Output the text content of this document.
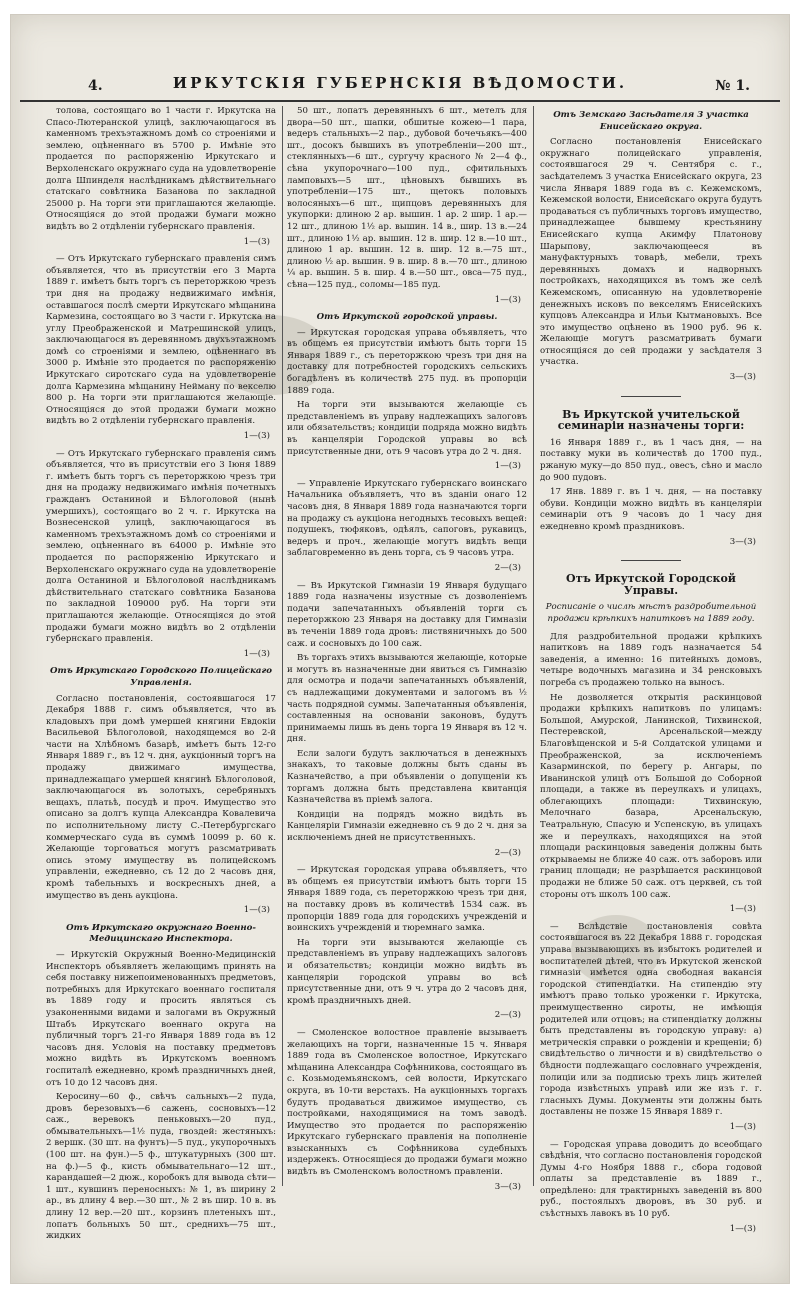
4.	ИРКУТСКІЯ ГУБЕРНСКІЯ ВѢДОМОСТИ.	№ 1.

толова, состоящаго во 1 части г. Иркутска на Спасо-Лютеранской улицѣ, заключающагося въ каменномъ трехъэтажномъ домѣ со строеніями и землею, оцѣненнаго въ 5700 р. Имѣніе это продается по распоряженію Иркутскаго и Верхоленскаго окружнаго суда на удовлетвореніе долга Шпинделя наслѣдникамъ дѣйствительнаго статскаго совѣтника Базанова по закладной 25000 р. На торги эти приглашаются желающіе. Относящіяся до этой продажи бумаги можно видѣть во 2 отдѣленіи губернскаго правленія.

1—(3)

— Отъ Иркутскаго губернскаго правленія симъ объявляется, что въ присутствіи его 3 Марта 1889 г. имѣетъ быть торгъ съ переторжкою чрезъ три дня на продажу недвижимаго имѣнія, оставшагося послѣ смерти Иркутскаго мѣщанина Кармезина, состоящаго во 3 части г. Иркутска на углу Преображенской и Матрешинской улицъ, заключающагося въ деревянномъ двухъэтажномъ домѣ со строеніями и землею, оцѣненнаго въ 3000 р. Имѣніе это продается по распоряженію Иркутскаго сиротскаго суда на удовлетвореніе долга Кармезина мѣщанину Нейману по векселю 800 р. На торги эти приглашаются желающіе. Относящіяся до этой продажи бумаги можно видѣть во 2 отдѣленіи губернскаго правленія.

1—(3)

— Отъ Иркутскаго губернскаго правленія симъ объявляется, что въ присутствіи его 3 Іюня 1889 г. имѣетъ быть торгъ съ переторжкою чрезъ три дня на продажу недвижимаго имѣнія почетныхъ гражданъ Останиной и Бѣлоголовой (нынѣ умершихъ), состоящаго во 2 ч. г. Иркутска на Вознесенской улицѣ, заключающагося въ каменномъ трехъэтажномъ домѣ со строеніями и землею, оцѣненнаго въ 64000 р. Имѣніе это продается по распоряженію Иркутскаго и Верхоленскаго окружнаго суда на удовлетвореніе долга Останиной и Бѣлоголовой наслѣдникамъ дѣйствительнаго статскаго совѣтника Базанова по закладной 109000 руб. На торги эти приглашаются желающіе. Относящіяся до этой продажи бумаги можно видѣть во 2 отдѣленіи губернскаго правленія.

1—(3)

Отъ Иркутскаго Городского Полицейскаго Управленія.

Согласно постановленія, состоявшагося 17 Декабря 1888 г. симъ объявляется, что въ кладовыхъ при домѣ умершей княгини Евдокіи Васильевой Бѣлоголовой, находящемся во 2-й части на Хлѣбномъ базарѣ, имѣетъ быть 12-го Января 1889 г., въ 12 ч. дня, аукціонный торгъ на продажу движимаго имущества, принадлежащаго умершей княгинѣ Бѣлоголовой, заключающагося въ золотыхъ, серебряныхъ вещахъ, платьѣ, посудѣ и проч. Имущество это описано за долгъ купца Александра Ковалевича по исполнительному листу С.-Петербургскаго коммерческаго суда въ суммѣ 10099 р. 60 к. Желающіе торговаться могутъ разсматривать опись этому имуществу въ полицейскомъ управленіи, ежедневно, съ 12 до 2 часовъ дня, кромѣ табельныхъ и воскресныхъ дней, а имущество въ день аукціона.

1—(3)

Отъ Иркутскаго окружнаго Военно-Медицинскаго Инспектора.

— Иркутскій Окружный Военно-Медицинскій Инспекторъ объявляетъ желающимъ принять на себя поставку нижепоименованныхъ предметовъ, потребныхъ для Иркутскаго военнаго госпиталя въ 1889 году и просить являться съ узаконенными видами и залогами въ Окружный Штабъ Иркутскаго военнаго округа на публичный торгъ 21-го Января 1889 года въ 12 часовъ дня. Условія на поставку предметовъ можно видѣть въ Иркутскомъ военномъ госпиталѣ ежедневно, кромѣ праздничныхъ дней, отъ 10 до 12 часовъ дня.

Керосину—60 ф., свѣчъ сальныхъ—2 пуда, дровъ березовыхъ—6 сажень, сосновыхъ—12 саж., веревокъ пеньковыхъ—20 пуд., обмывательныхъ—1½ пуда, гвоздей: жестяныхъ: 2 вершк. (30 шт. на фунтъ)—5 пуд., укупорочныхъ (100 шт. на фун.)—5 ф., штукатурныхъ (300 шт. на ф.)—5 ф., кисть обмывательнаго—12 шт., карандашей—2 дюж., коробокъ для вывода сѣти—1 шт., кувшинъ переносныхъ: № 1, въ ширину 2 ар., въ длину 4 вер.—30 шт., № 2 въ шир. 10 в. въ длину 12 вер.—20 шт., корзинъ плетеныхъ шт., лопатъ больныхъ 50 шт., среднихъ—75 шт., жидких

50 шт., лопатъ деревянныхъ 6 шт., метелъ для двора—50 шт., шапки, обшитые кожею—1 пара, ведеръ стальныхъ—2 пар., дубовой бочечьякъ—400 шт., досокъ бывшихъ въ употребленіи—200 шт., стеклянныхъ—6 шт., сургучу красного № 2—4 ф., сѣна укупорочнаго—100 пуд., сфитильныхъ ламповыхъ—5 шт., цѣновыхъ бывшихъ въ употребленіи—175 шт., щетокъ половыхъ волосяныхъ—6 шт., щипцовъ деревянныхъ для укупорки: длиною 2 ар. вышин. 1 ар. 2 шир. 1 ар.—12 шт., длиною 1½ ар. вышин. 14 в., шир. 13 в.—24 шт., длиною 1½ ар. вышин. 12 в. шир. 12 в.—10 шт., длиною 1 ар. вышин. 12 в. шир. 12 в.—75 шт., длиною ½ ар. вышин. 9 в. шир. 8 в.—70 шт., длиною ¼ ар. вышин. 5 в. шир. 4 в.—50 шт., овса—75 пуд., сѣна—125 пуд., соломы—185 пуд.

1—(3)

Отъ Иркутской городской управы.

— Иркутская городская управа объявляетъ, что въ общемъ ея присутствіи имѣютъ быть торги 15 Января 1889 г., съ переторжкою чрезъ три дня на доставку для потребностей городскихъ сельскихъ богадѣленъ въ количествѣ 275 пуд. въ пропорціи 1889 года.

На торги эти вызываются желающіе съ представленіемъ въ управу надлежащихъ залоговъ или обязательствъ; кондиціи подряда можно видѣть въ канцеляріи Городской управы во всѣ присутственные дни, отъ 9 часовъ утра до 2 ч. дня.

1—(3)

— Управленіе Иркутскаго губернскаго воинскаго Начальника объявляетъ, что въ зданіи онаго 12 часовъ дня, 8 Января 1889 года назначаются торги на продажу съ аукціона негодныхъ тесовыхъ вещей: подушекъ, тюфяковъ, одѣялъ, сапоговъ, рукавицъ, ведеръ и проч., желающіе могутъ видѣть вещи заблаговременно въ день торга, съ 9 часовъ утра.

2—(3)

— Въ Иркутской Гимназіи 19 Января будущаго 1889 года назначены изустные съ дозволеніемъ подачи запечатанныхъ объявленій торги съ переторжкою 23 Января на доставку для Гимназіи въ теченіи 1889 года дровъ: листвяничныхъ до 500 саж. и сосновыхъ до 100 саж.

Въ торгахъ этихъ вызываются желающіе, которые и могутъ въ назначенные дни явиться съ Гимназію для осмотра и подачи запечатанныхъ объявленій, съ надлежащими документами и залогомъ въ ½ часть подрядной суммы. Запечатанныя объявленія, составленныя на основаніи законовъ, будутъ принимаемы лишь въ день торга 19 Января въ 12 ч. дня.

Если залоги будутъ заключаться в денежныхъ знакахъ, то таковые должны быть сданы въ Казначейство, а при объявленіи о допущеніи къ торгамъ должна быть представлена квитанція Казначейства въ пріемѣ залога.

Кондиціи на подрядъ можно видѣть въ Канцеляріи Гимназіи ежедневно съ 9 до 2 ч. дня за исключеніемъ дней не присутственныхъ.

2—(3)

— Иркутская городская управа объявляетъ, что въ общемъ ея присутствіи имѣютъ быть торги 15 Января 1889 года, съ переторжкою чрезъ три дня, на поставку дровъ въ количествѣ 1534 саж. въ пропорціи 1889 года для городскихъ учрежденій и воинскихъ учрежденій и тюремнаго замка.

На торги эти вызываются желающіе съ представленіемъ въ управу надлежащихъ залоговъ и обязательствъ; кондиціи можно видѣть въ канцеляріи городской управы во всѣ присутственные дни, отъ 9 ч. утра до 2 часовъ дня, кромѣ праздничныхъ дней.

2—(3)

— Смоленское волостное правленіе вызываетъ желающихъ на торги, назначенные 15 ч. Января 1889 года въ Смоленское волостное, Иркутскаго мѣщанина Александра Софѣнникова, состоящаго въ с. Козьмодемьянскомъ, сей волости, Иркутскаго округа, въ 10-ти верстахъ. На аукціонныхъ торгахъ будутъ продаваться движимое имущество, съ постройками, находящимися на томъ заводѣ. Имущество это продается по распоряженію Иркутскаго губернскаго правленія на пополненіе взысканныхъ съ Софѣнникова судебныхъ издержекъ. Относящіеся до продажи бумаги можно видѣть въ Смоленскомъ волостномъ правленіи.

3—(3)

Отъ Земскаго Засѣдателя 3 участка Енисейскаго округа.

Согласно постановленія Енисейскаго окружнаго полицейскаго управленія, состоявшагося 29 ч. Сентября с. г., засѣдателемъ 3 участка Енисейскаго округа, 23 числа Января 1889 года въ с. Кежемскомъ, Кежемской волости, Енисейскаго округа будутъ продаваться съ публичныхъ торговъ имущество, принадлежащее бывшему крестьянину Енисейскаго купца Акимфу Платонову Шарыпову, заключающееся въ мануфактурныхъ товарѣ, мебели, трехъ деревянныхъ домахъ и надворныхъ постройкахъ, находящихся въ томъ же селѣ Кежемскомъ, описанную на удовлетвореніе денежныхъ исковъ по векселямъ Енисейскихъ купцовъ Александра и Ильи Кытмановыхъ. Все это имущество оцѣнено въ 1900 руб. 96 к. Желающіе могутъ разсматривать бумаги относящіяся до сей продажи у засѣдателя 3 участка.

3—(3)

Въ Иркутской учительской семинаріи назначены торги:

16 Января 1889 г., въ 1 часъ дня, — на поставку муки въ количествѣ до 1700 пуд., ржаную муку—до 850 пуд., овесъ, сѣно и масло до 900 пудовъ.

17 Янв. 1889 г. въ 1 ч. дня, — на поставку обуви. Кондиціи можно видѣть въ канцеляріи семинаріи отъ 9 часовъ до 1 часу дня ежедневно кромѣ праздниковъ.

3—(3)

Отъ Иркутской Городской Управы.

Росписаніе о числѣ мѣстъ раздробительной продажи крѣпкихъ напитковъ на 1889 году.

Для раздробительной продажи крѣпкихъ напитковъ на 1889 годъ назначается 54 заведенія, а именно: 16 питейныхъ домовъ, четыре водочныхъ магазина и 34 ренсковыхъ погреба съ продажею только на выносъ.

Не дозволяется открытія раскинцовой продажи крѣпкихъ напитковъ по улицамъ: Большой, Амурской, Ланинской, Тихвинской, Пестеревской, Арсенальской—между Благовѣщенской и 5-й Солдатской улицами и Преображенской, за исключеніемъ Казарминской, по берегу р. Ангары, по Иванинской улицѣ отъ Большой до Соборной площади, а также въ переулкахъ и улицахъ, облегающихъ площади: Тихвинскую, Мелочнаго базара, Арсенальскую, Театральную, Спасую и Успенскую, въ улицахъ же и переулкахъ, находящихся на этой площади раскинцовыя заведенія должны быть открываемы не ближе 40 саж. отъ заборовъ или границ площади; не разрѣшается раскинцовой продажи не ближе 50 саж. отъ церквей, съ той стороны отъ школъ 100 саж.

1—(3)

— Вслѣдствіе постановленія совѣта состоявшагося въ 22 Декабря 1888 г. городская управа вызывающихъ въ избытокъ родителей и воспитателей дѣтей, что въ Иркутской женской гимназіи имѣется одна свободная вакансія городской стипендіатки. На стипендію эту имѣютъ право только уроженки г. Иркутска, преимущественно сироты, не имѣющія родителей или отцовъ; на стипендіатку должны быть представлены въ городскую управу: а) метрическія справки о рожденіи и крещеніи; б) свидѣтельство о личности и в) свидѣтельство о бѣдности подлежащаго сословнаго учрежденія, полиціи или за подписью трехъ лицъ жителей города извѣстныхъ управѣ или же изъ г. г. гласныхъ Думы. Документы эти должны быть доставлены не позже 15 Января 1889 г.

1—(3)

— Городская управа доводитъ до всеобщаго свѣдѣнія, что согласно постановленія городской Думы 4-го Ноября 1888 г., сбора годовой оплаты за представленіе въ 1889 г., опредѣлено: для трактирныхъ заведеній въ 800 руб., постоялыхъ дворовъ, въ 30 руб. и съѣстныхъ лавокъ въ 10 руб.

1—(3)
